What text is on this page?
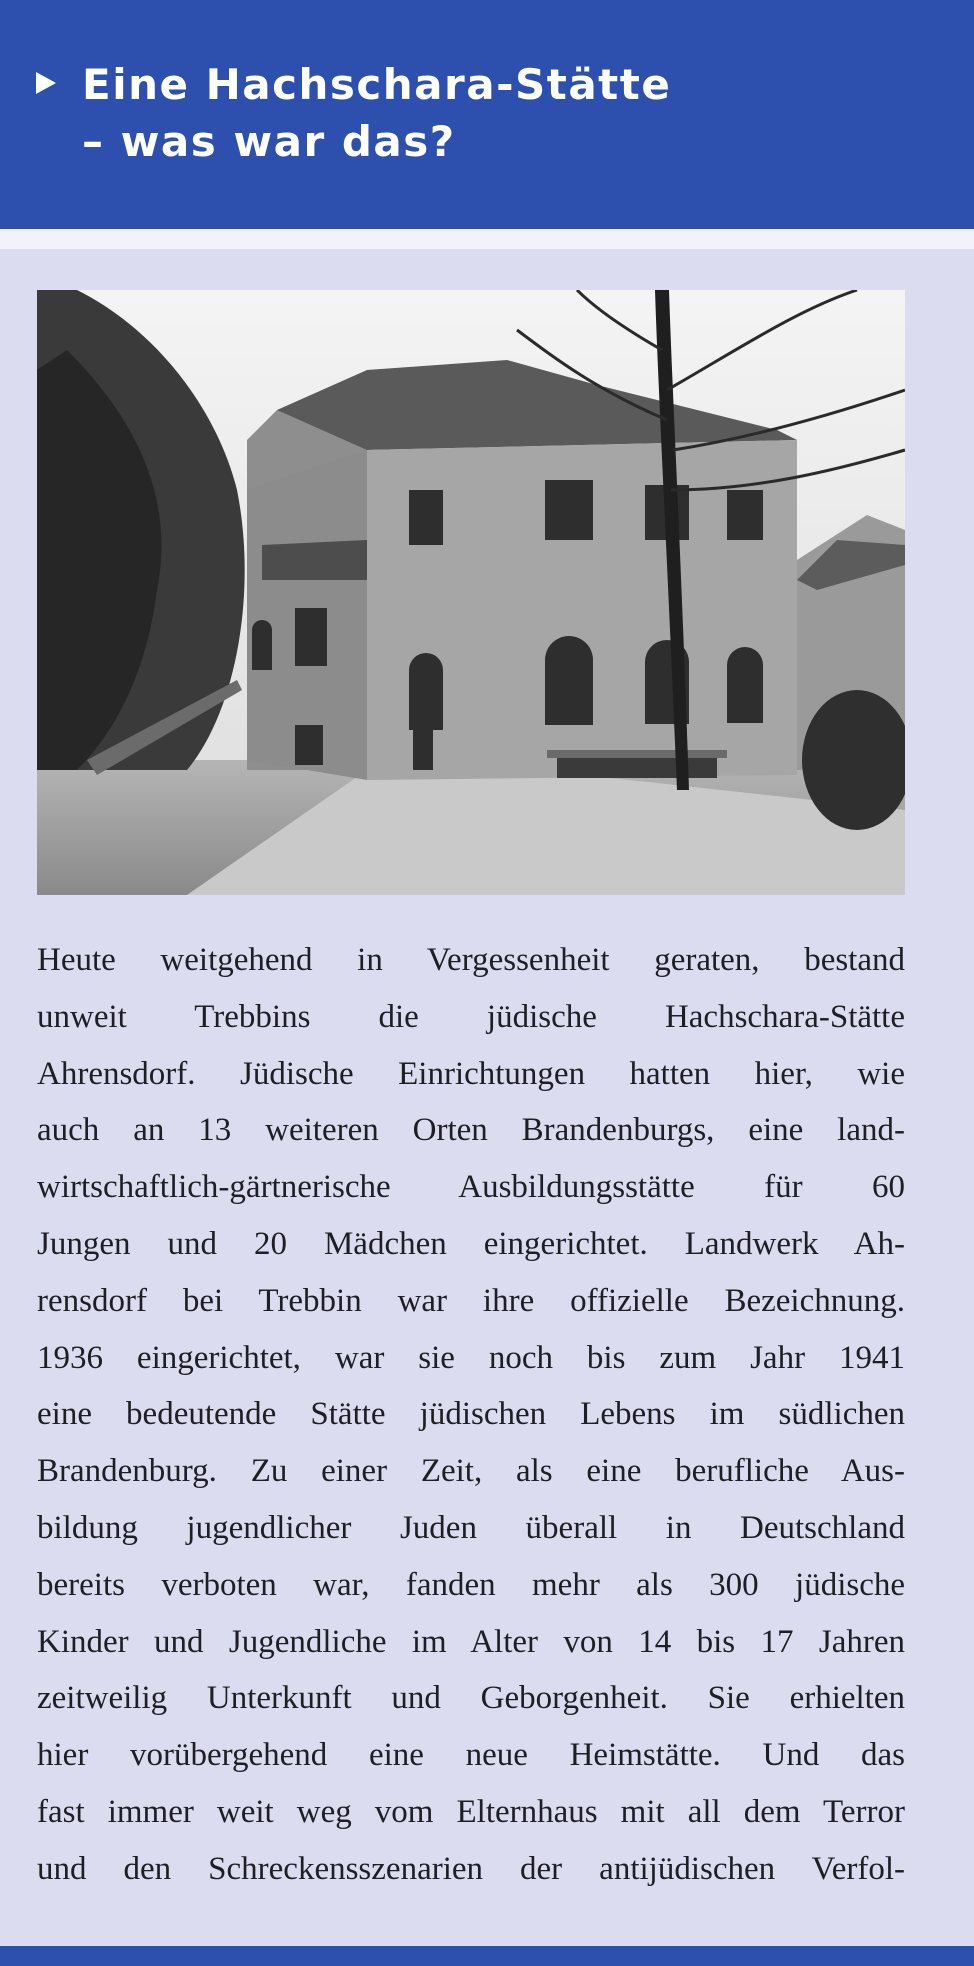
Eine Hachschara-Stätte
– was war das?
Heute weitgehend in Vergessenheit geraten, bestand
unweit Trebbins die jüdische Hachschara-Stätte
Ahrensdorf. Jüdische Einrichtungen hatten hier, wie
auch an 13 weiteren Orten Brandenburgs, eine land-
wirtschaftlich-gärtnerische Ausbildungsstätte für 60
Jungen und 20 Mädchen eingerichtet. Landwerk Ah-
rensdorf bei Trebbin war ihre offizielle Bezeichnung.
1936 eingerichtet, war sie noch bis zum Jahr 1941
eine bedeutende Stätte jüdischen Lebens im südlichen
Brandenburg. Zu einer Zeit, als eine berufliche Aus-
bildung jugendlicher Juden überall in Deutschland
bereits verboten war, fanden mehr als 300 jüdische
Kinder und Jugendliche im Alter von 14 bis 17 Jahren
zeitweilig Unterkunft und Geborgenheit. Sie erhielten
hier vorübergehend eine neue Heimstätte. Und das
fast immer weit weg vom Elternhaus mit all dem Terror
und den Schreckensszenarien der antijüdischen Verfol-
